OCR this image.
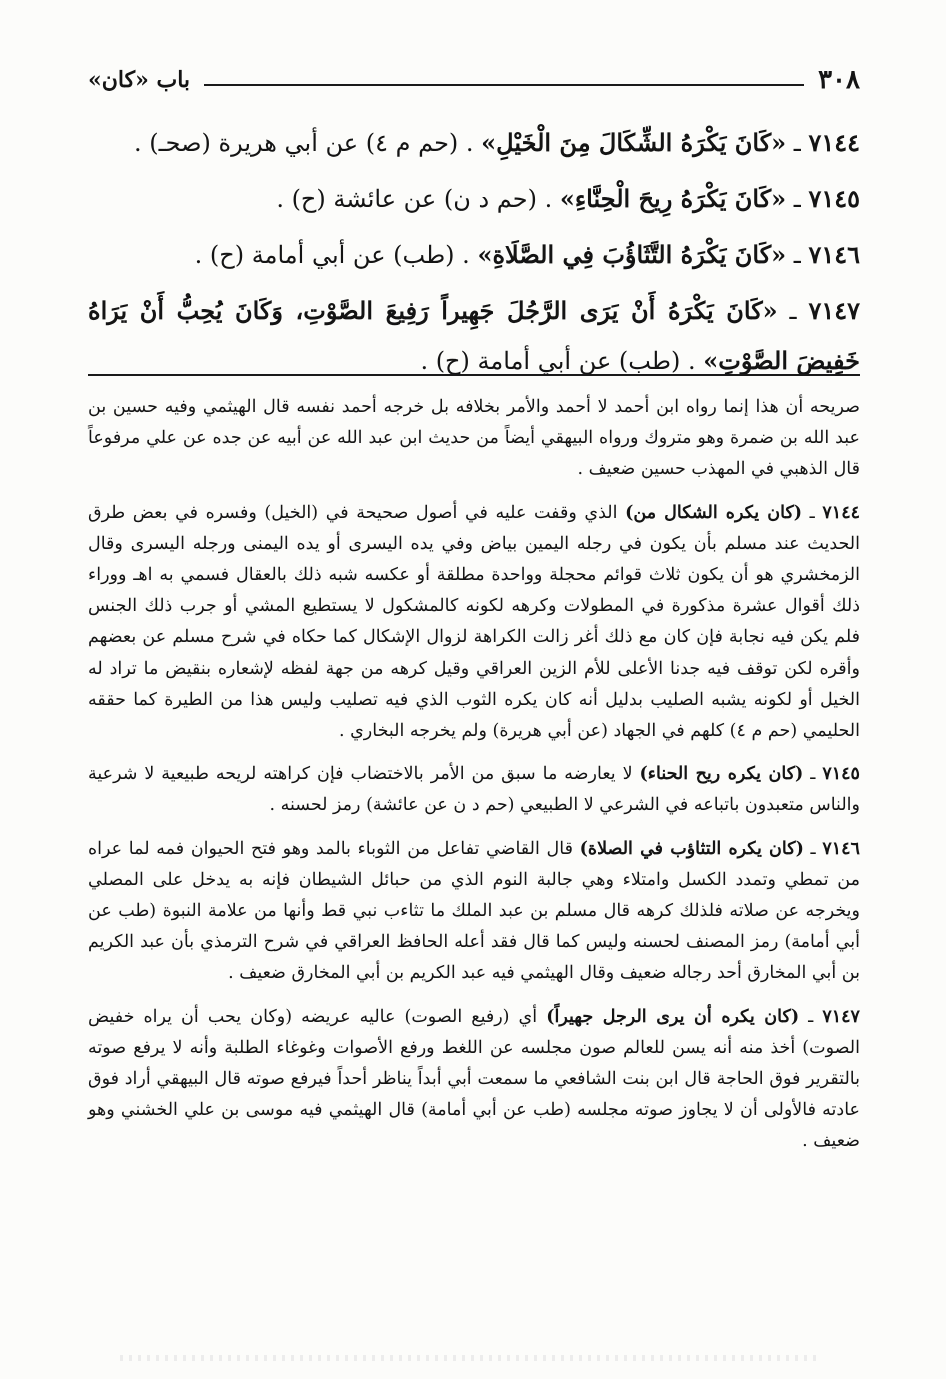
٣٠٨
باب «كان»

٧١٤٤ ـ «كَانَ يَكْرَهُ الشِّكَالَ مِنَ الْخَيْلِ» . (حم م ٤) عن أبي هريرة (صحـ) .

٧١٤٥ ـ «كَانَ يَكْرَهُ رِيحَ الْحِنَّاءِ» . (حم د ن) عن عائشة (ح) .

٧١٤٦ ـ «كَانَ يَكْرَهُ التَّثَاؤُبَ فِي الصَّلَاةِ» . (طب) عن أبي أمامة (ح) .

٧١٤٧ ـ «كَانَ يَكْرَهُ أَنْ يَرَى الرَّجُلَ جَهِيراً رَفِيعَ الصَّوْتِ، وَكَانَ يُحِبُّ أَنْ يَرَاهُ خَفِيضَ الصَّوْتِ» . (طب) عن أبي أمامة (ح) .

صريحه أن هذا إنما رواه ابن أحمد لا أحمد والأمر بخلافه بل خرجه أحمد نفسه قال الهيثمي وفيه حسين بن عبد الله بن ضمرة وهو متروك ورواه البيهقي أيضاً من حديث ابن عبد الله عن أبيه عن جده عن علي مرفوعاً قال الذهبي في المهذب حسين ضعيف .

٧١٤٤ ـ (كان يكره الشكال من) الذي وقفت عليه في أصول صحيحة في (الخيل) وفسره في بعض طرق الحديث عند مسلم بأن يكون في رجله اليمين بياض وفي يده اليسرى أو يده اليمنى ورجله اليسرى وقال الزمخشري هو أن يكون ثلاث قوائم محجلة وواحدة مطلقة أو عكسه شبه ذلك بالعقال فسمي به اهـ ووراء ذلك أقوال عشرة مذكورة في المطولات وكرهه لكونه كالمشكول لا يستطيع المشي أو جرب ذلك الجنس فلم يكن فيه نجابة فإن كان مع ذلك أغر زالت الكراهة لزوال الإشكال كما حكاه في شرح مسلم عن بعضهم وأقره لكن توقف فيه جدنا الأعلى للأم الزين العراقي وقيل كرهه من جهة لفظه لإشعاره بنقيض ما تراد له الخيل أو لكونه يشبه الصليب بدليل أنه كان يكره الثوب الذي فيه تصليب وليس هذا من الطيرة كما حققه الحليمي (حم م ٤) كلهم في الجهاد (عن أبي هريرة) ولم يخرجه البخاري .

٧١٤٥ ـ (كان يكره ريح الحناء) لا يعارضه ما سبق من الأمر بالاختضاب فإن كراهته لريحه طبيعية لا شرعية والناس متعبدون باتباعه في الشرعي لا الطبيعي (حم د ن عن عائشة) رمز لحسنه .

٧١٤٦ ـ (كان يكره التثاؤب في الصلاة) قال القاضي تفاعل من الثوباء بالمد وهو فتح الحيوان فمه لما عراه من تمطي وتمدد الكسل وامتلاء وهي جالبة النوم الذي من حبائل الشيطان فإنه به يدخل على المصلي ويخرجه عن صلاته فلذلك كرهه قال مسلم بن عبد الملك ما تثاءب نبي قط وأنها من علامة النبوة (طب عن أبي أمامة) رمز المصنف لحسنه وليس كما قال فقد أعله الحافظ العراقي في شرح الترمذي بأن عبد الكريم بن أبي المخارق أحد رجاله ضعيف وقال الهيثمي فيه عبد الكريم بن أبي المخارق ضعيف .

٧١٤٧ ـ (كان يكره أن يرى الرجل جهيراً) أي (رفيع الصوت) عاليه عريضه (وكان يحب أن يراه خفيض الصوت) أخذ منه أنه يسن للعالم صون مجلسه عن اللغط ورفع الأصوات وغوغاء الطلبة وأنه لا يرفع صوته بالتقرير فوق الحاجة قال ابن بنت الشافعي ما سمعت أبي أبداً يناظر أحداً فيرفع صوته قال البيهقي أراد فوق عادته فالأولى أن لا يجاوز صوته مجلسه (طب عن أبي أمامة) قال الهيثمي فيه موسى بن علي الخشني وهو ضعيف .
